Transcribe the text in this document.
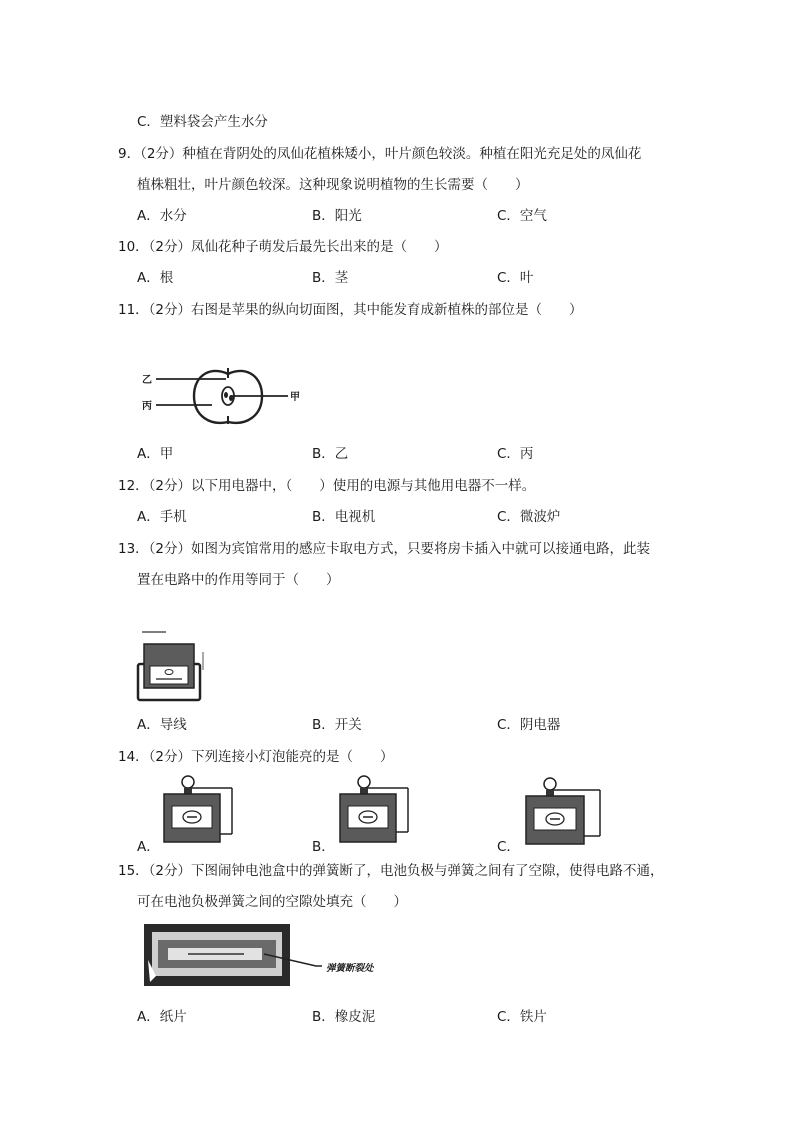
C．塑料袋会产生水分
9．（2分）种植在背阴处的凤仙花植株矮小，叶片颜色较淡。种植在阳光充足处的凤仙花
植株粗壮，叶片颜色较深。这种现象说明植物的生长需要（　　）
A．水分	B．阳光	C．空气
10．（2分）凤仙花种子萌发后最先长出来的是（　　）
A．根	B．茎	C．叶
11．（2分）右图是苹果的纵向切面图，其中能发育成新植株的部位是（　　）
乙
丙
甲
A．甲	B．乙	C．丙
12．（2分）以下用电器中，（　　）使用的电源与其他用电器不一样。
A．手机	B．电视机	C．微波炉
13．（2分）如图为宾馆常用的感应卡取电方式，只要将房卡插入中就可以接通电路，此装
置在电路中的作用等同于（　　）
A．导线	B．开关	C．阴电器
14．（2分）下列连接小灯泡能亮的是（　　）
A．	B．	C．
15．（2分）下图闹钟电池盒中的弹簧断了，电池负极与弹簧之间有了空隙，使得电路不通，
可在电池负极弹簧之间的空隙处填充（　　）
弹簧断裂处
A．纸片	B．橡皮泥	C．铁片
